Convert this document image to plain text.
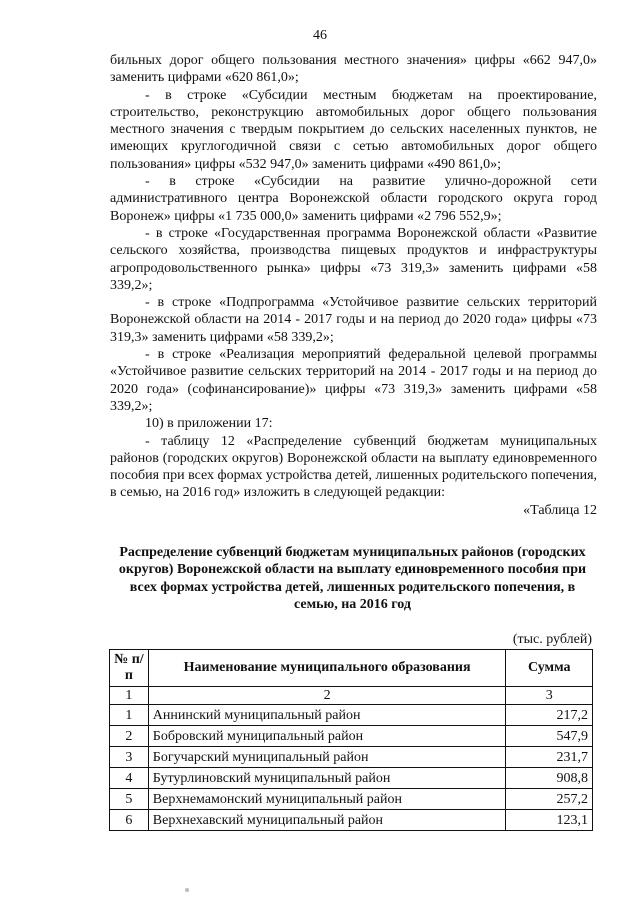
46

бильных дорог общего пользования местного значения» цифры «662 947,0» заменить цифрами «620 861,0»;

- в строке «Субсидии местным бюджетам на проектирование, строительство, реконструкцию автомобильных дорог общего пользования местного значения с твердым покрытием до сельских населенных пунктов, не имеющих круглогодичной связи с сетью автомобильных дорог общего пользования» цифры «532 947,0» заменить цифрами «490 861,0»;

- в строке «Субсидии на развитие улично-дорожной сети административного центра Воронежской области городского округа город Воронеж» цифры «1 735 000,0» заменить цифрами «2 796 552,9»;

- в строке «Государственная программа Воронежской области «Развитие сельского хозяйства, производства пищевых продуктов и инфраструктуры агропродовольственного рынка» цифры «73 319,3» заменить цифрами «58 339,2»;

- в строке «Подпрограмма «Устойчивое развитие сельских территорий Воронежской области на 2014 - 2017 годы и на период до 2020 года» цифры «73 319,3» заменить цифрами «58 339,2»;

- в строке «Реализация мероприятий федеральной целевой программы «Устойчивое развитие сельских территорий на 2014 - 2017 годы и на период до 2020 года» (софинансирование)» цифры «73 319,3» заменить цифрами «58 339,2»;

10) в приложении 17:

- таблицу 12 «Распределение субвенций бюджетам муниципальных районов (городских округов) Воронежской области на выплату единовременного пособия при всех формах устройства детей, лишенных родительского попечения, в семью, на 2016 год» изложить в следующей редакции:

«Таблица 12

Распределение субвенций бюджетам муниципальных районов (городских округов) Воронежской области на выплату единовременного пособия при всех формах устройства детей, лишенных родительского попечения, в семью, на 2016 год
(тыс. рублей)
№ п/п	Наименование муниципального образования	Сумма
1	2	3
1	Аннинский муниципальный район	217,2
2	Бобровский муниципальный район	547,9
3	Богучарский муниципальный район	231,7
4	Бутурлиновский муниципальный район	908,8
5	Верхнемамонский муниципальный район	257,2
6	Верхнехавский муниципальный район	123,1
